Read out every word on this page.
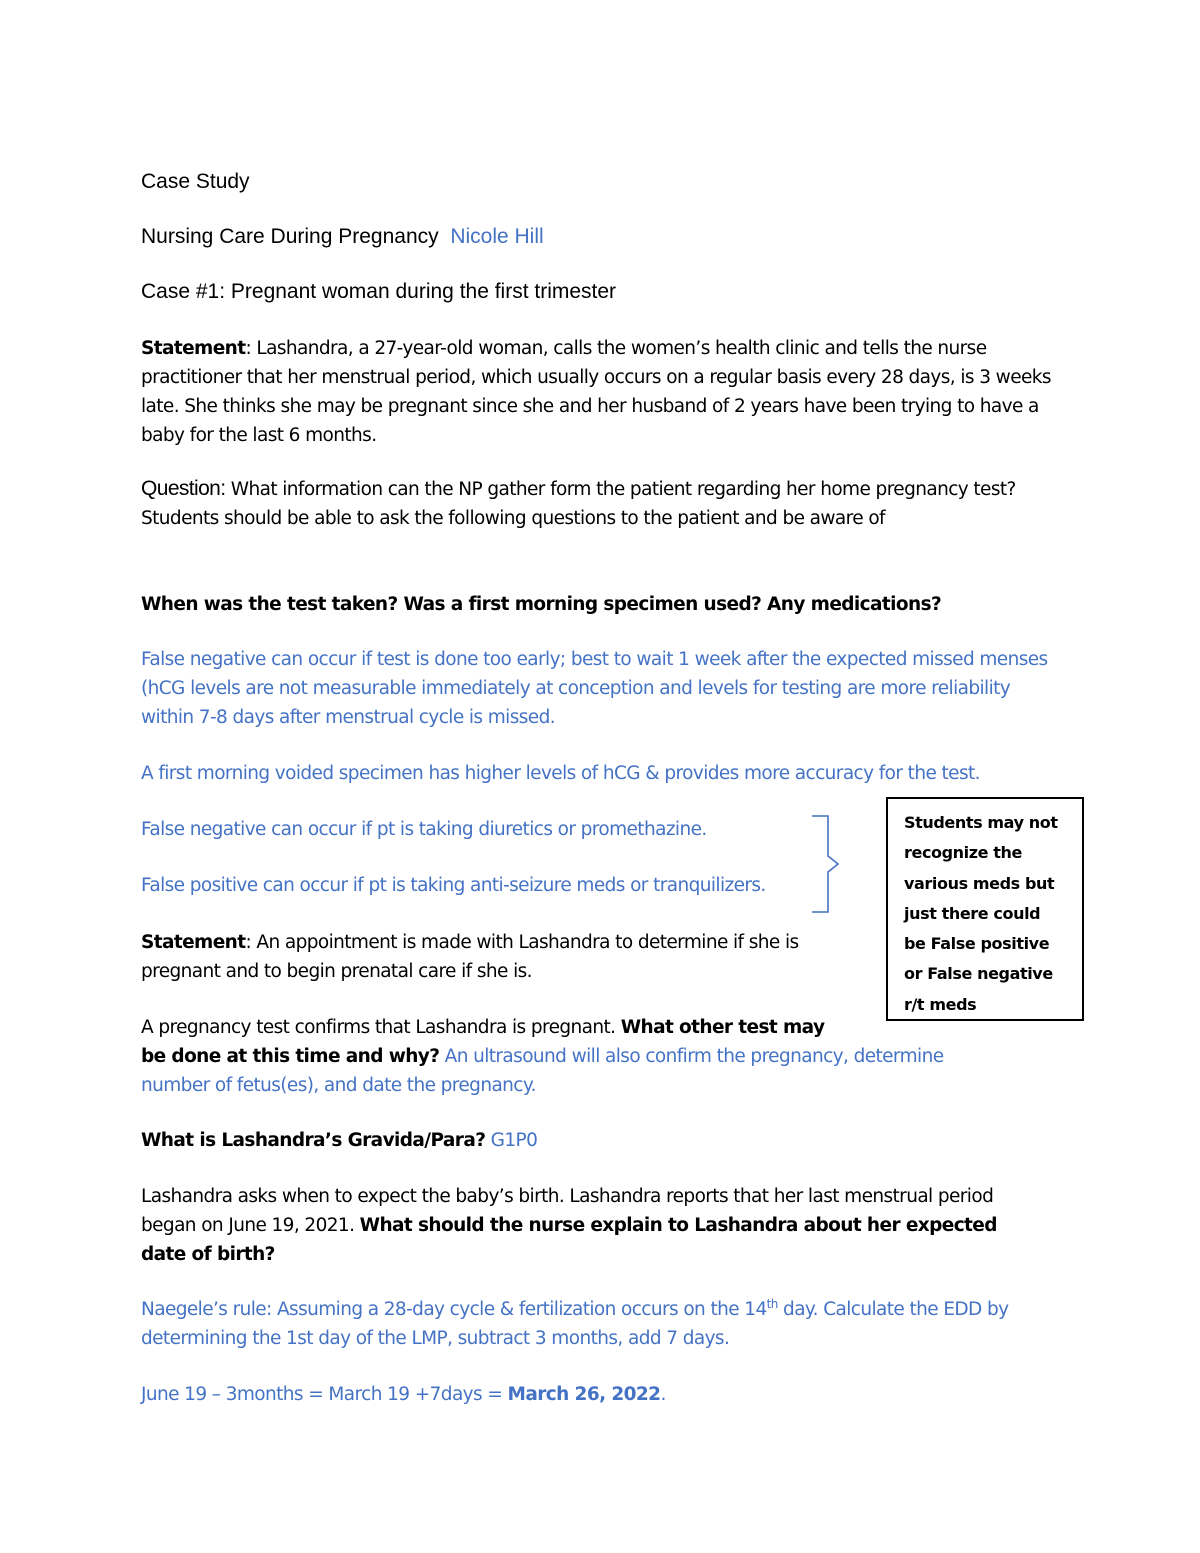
Case Study

Nursing Care During Pregnancy Nicole Hill

Case #1: Pregnant woman during the first trimester

Statement: Lashandra, a 27-year-old woman, calls the women’s health clinic and tells the nurse practitioner that her menstrual period, which usually occurs on a regular basis every 28 days, is 3 weeks late. She thinks she may be pregnant since she and her husband of 2 years have been trying to have a baby for the last 6 months.

Question: What information can the NP gather form the patient regarding her home pregnancy test? Students should be able to ask the following questions to the patient and be aware of

When was the test taken? Was a first morning specimen used? Any medications?

False negative can occur if test is done too early; best to wait 1 week after the expected missed menses (hCG levels are not measurable immediately at conception and levels for testing are more reliability within 7-8 days after menstrual cycle is missed.

A first morning voided specimen has higher levels of hCG & provides more accuracy for the test.

False negative can occur if pt is taking diuretics or promethazine.

False positive can occur if pt is taking anti-seizure meds or tranquilizers.

Students may not
recognize the
various meds but
just there could
be False positive
or False negative
r/t meds

Statement: An appointment is made with Lashandra to determine if she is pregnant and to begin prenatal care if she is.

A pregnancy test confirms that Lashandra is pregnant. What other test may
be done at this time and why? An ultrasound will also confirm the pregnancy, determine number of fetus(es), and date the pregnancy.

What is Lashandra’s Gravida/Para? G1P0

Lashandra asks when to expect the baby’s birth. Lashandra reports that her last menstrual period began on June 19, 2021. What should the nurse explain to Lashandra about her expected date of birth?

Naegele’s rule: Assuming a 28-day cycle & fertilization occurs on the 14th day. Calculate the EDD by determining the 1st day of the LMP, subtract 3 months, add 7 days.

June 19 – 3months = March 19 +7days = March 26, 2022.
